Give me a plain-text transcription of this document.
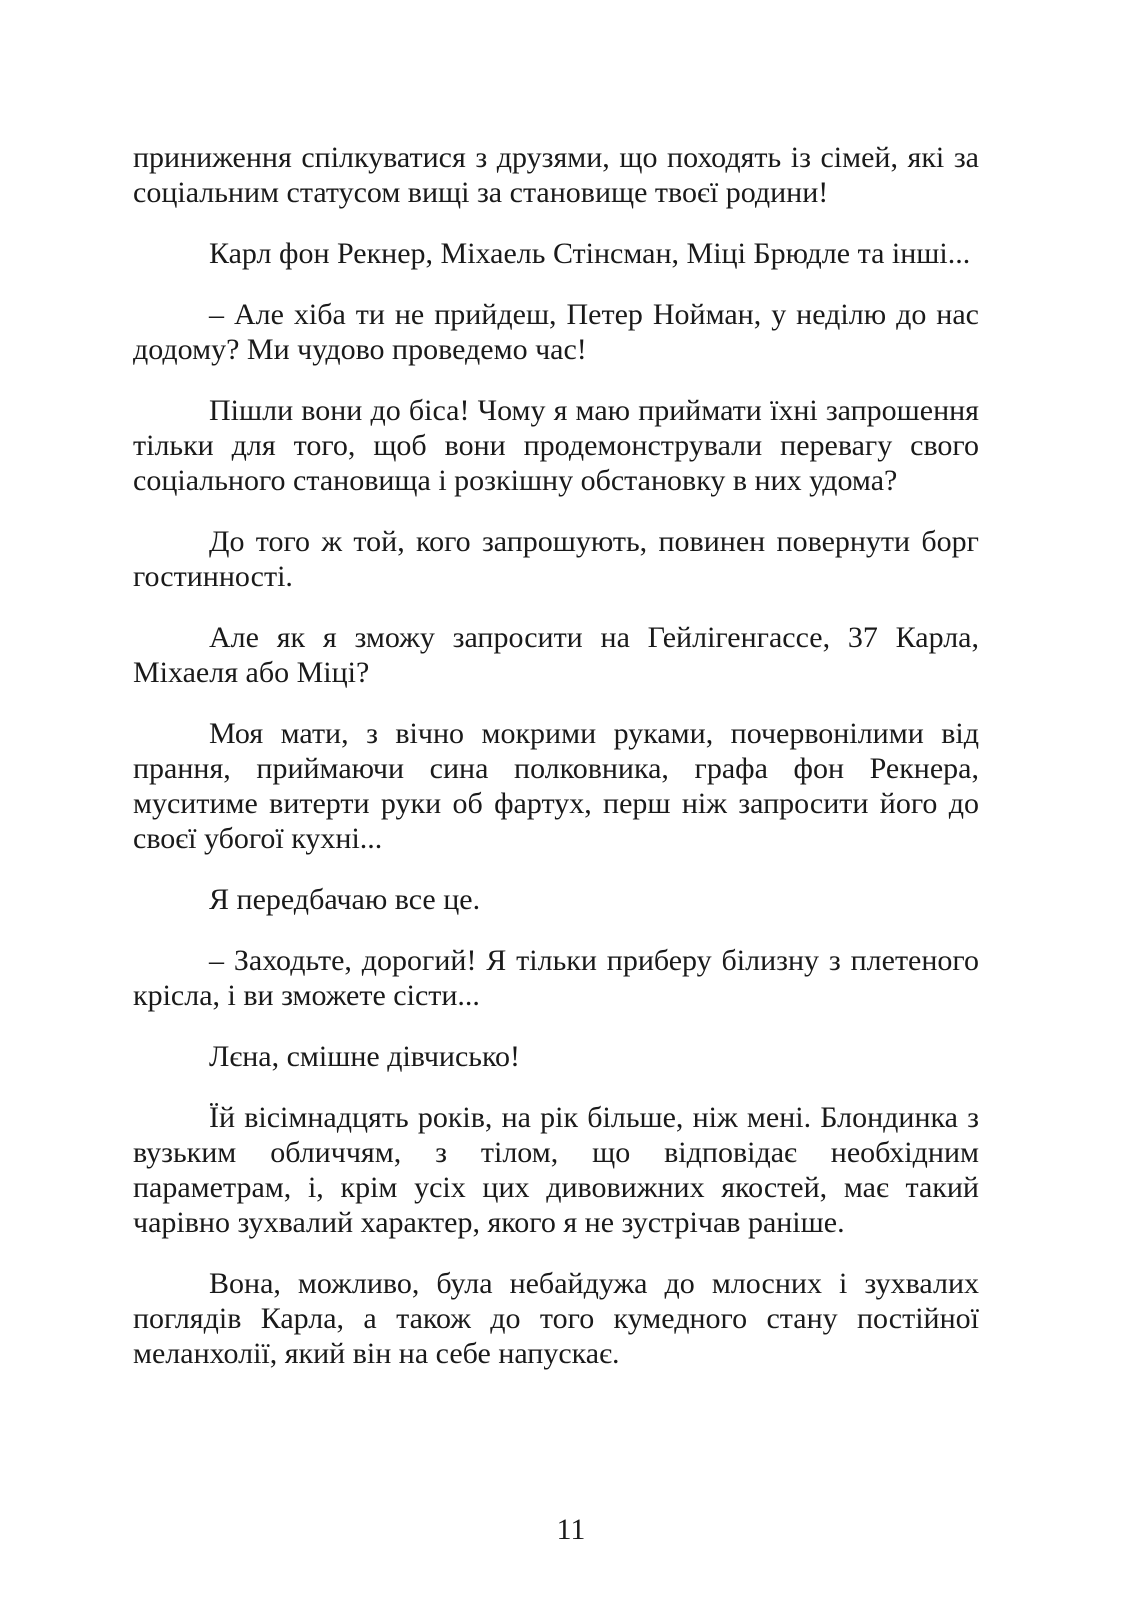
приниження спілкуватися з друзями, що походять із сімей, які за соціальним статусом вищі за становище твоєї родини!

Карл фон Рекнер, Міхаель Стінсман, Міці Брюдле та інші...

– Але хіба ти не прийдеш, Петер Нойман, у неділю до нас додому? Ми чудово проведемо час!

Пішли вони до біса! Чому я маю приймати їхні запрошення тільки для того, щоб вони продемонстрували перевагу свого соціального становища і розкішну обстановку в них удома?

До того ж той, кого запрошують, повинен повернути борг гостинності.

Але як я зможу запросити на Гейлігенгассе, 37 Карла, Міхаеля або Міці?

Моя мати, з вічно мокрими руками, почервонілими від прання, приймаючи сина полковника, графа фон Рекнера, муситиме витерти руки об фартух, перш ніж запросити його до своєї убогої кухні...

Я передбачаю все це.

– Заходьте, дорогий! Я тільки приберу білизну з плетеного крісла, і ви зможете сісти...

Лєна, смішне дівчисько!

Їй вісімнадцять років, на рік більше, ніж мені. Блондинка з вузьким обличчям, з тілом, що відповідає необхідним параметрам, і, крім усіх цих дивовижних якостей, має такий чарівно зухвалий характер, якого я не зустрічав раніше.

Вона, можливо, була небайдужа до млосних і зухвалих поглядів Карла, а також до того кумедного стану постійної меланхолії, який він на себе напускає.

11
